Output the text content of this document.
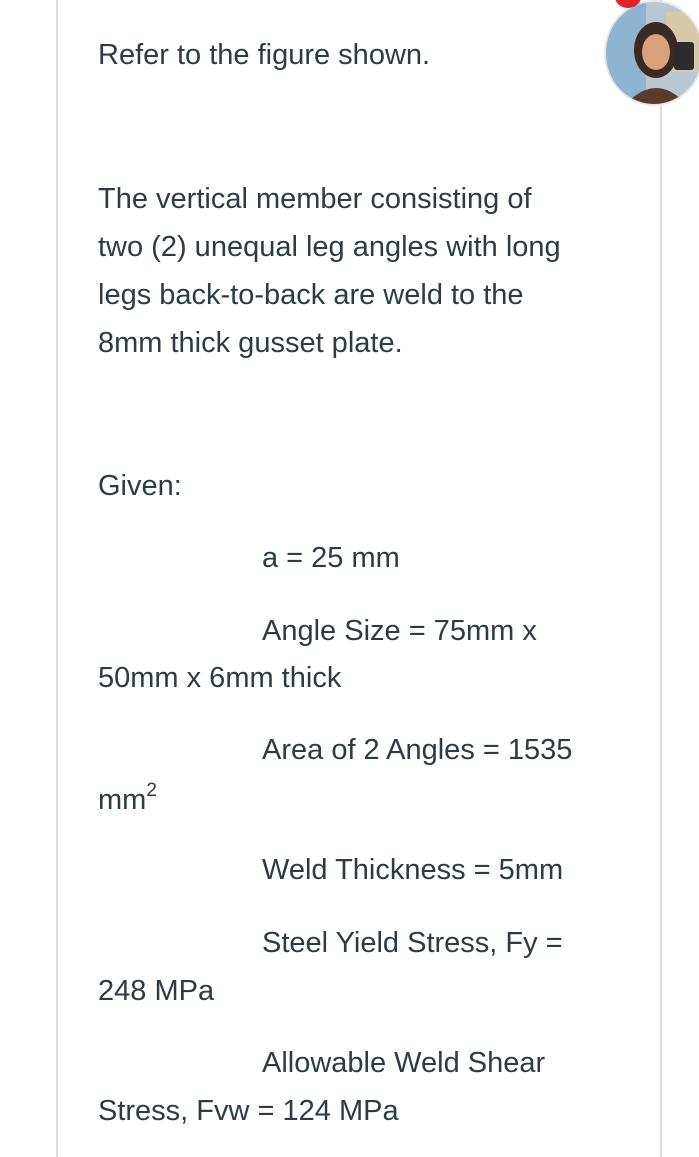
Refer to the figure shown.

The vertical member consisting of
two (2) unequal leg angles with long
legs back-to-back are weld to the
8mm thick gusset plate.

Given:

a = 25 mm

Angle Size = 75mm x

50mm x 6mm thick

Area of 2 Angles = 1535

$mm^2$

Weld Thickness = 5mm

Steel Yield Stress, Fy =

248 MPa

Allowable Weld Shear

Stress, Fvw = 124 MPa
